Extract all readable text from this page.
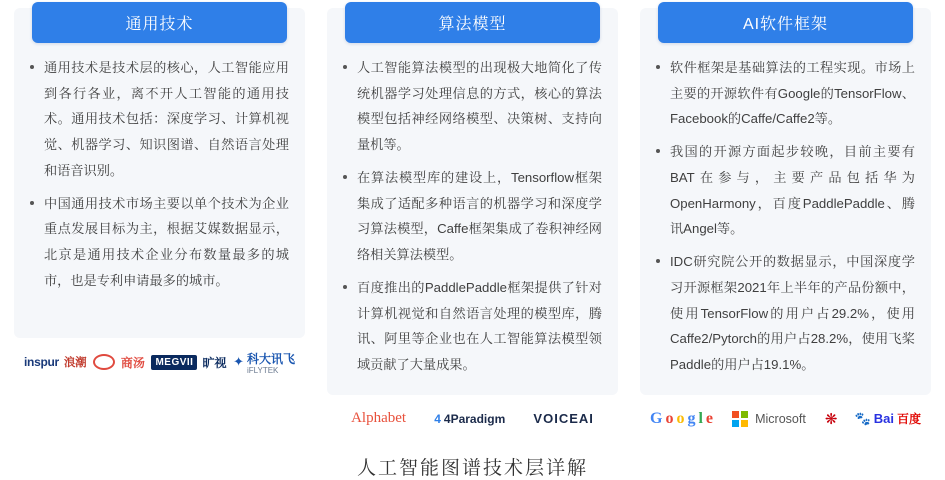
通用技术
通用技术是技术层的核心，人工智能应用到各行各业，离不开人工智能的通用技术。通用技术包括：深度学习、计算机视觉、机器学习、知识图谱、自然语言处理和语音识别。
中国通用技术市场主要以单个技术为企业重点发展目标为主，根据艾媒数据显示，北京是通用技术企业分布数量最多的城市，也是专利申请最多的城市。
inspur 浪潮	商汤	MEGVII 旷视 ✦ 科大讯飞
iFLYTEK
算法模型
人工智能算法模型的出现极大地简化了传统机器学习处理信息的方式，核心的算法模型包括神经网络模型、决策树、支持向量机等。
在算法模型库的建设上，Tensorflow框架集成了适配多种语言的机器学习和深度学习算法模型，Caffe框架集成了卷积神经网络相关算法模型。
百度推出的PaddlePaddle框架提供了针对计算机视觉和自然语言处理的模型库，腾讯、阿里等企业也在人工智能算法模型领域贡献了大量成果。
Alphabet 4 4Paradigm VOICEAI
AI软件框架
软件框架是基础算法的工程实现。市场上主要的开源软件有Google的TensorFlow、Facebook的Caffe/Caffe2等。
我国的开源方面起步较晚，目前主要有BAT在参与，主要产品包括华为OpenHarmony，百度PaddlePaddle、腾讯Angel等。
IDC研究院公开的数据显示，中国深度学习开源框架2021年上半年的产品份额中，使用TensorFlow的用户占29.2%，使用Caffe2/Pytorch的用户占28.2%，使用飞桨Paddle的用户占19.1%。
G o o g l e	Microsoft ❋ 🐾 Bai 百度
人工智能图谱技术层详解
